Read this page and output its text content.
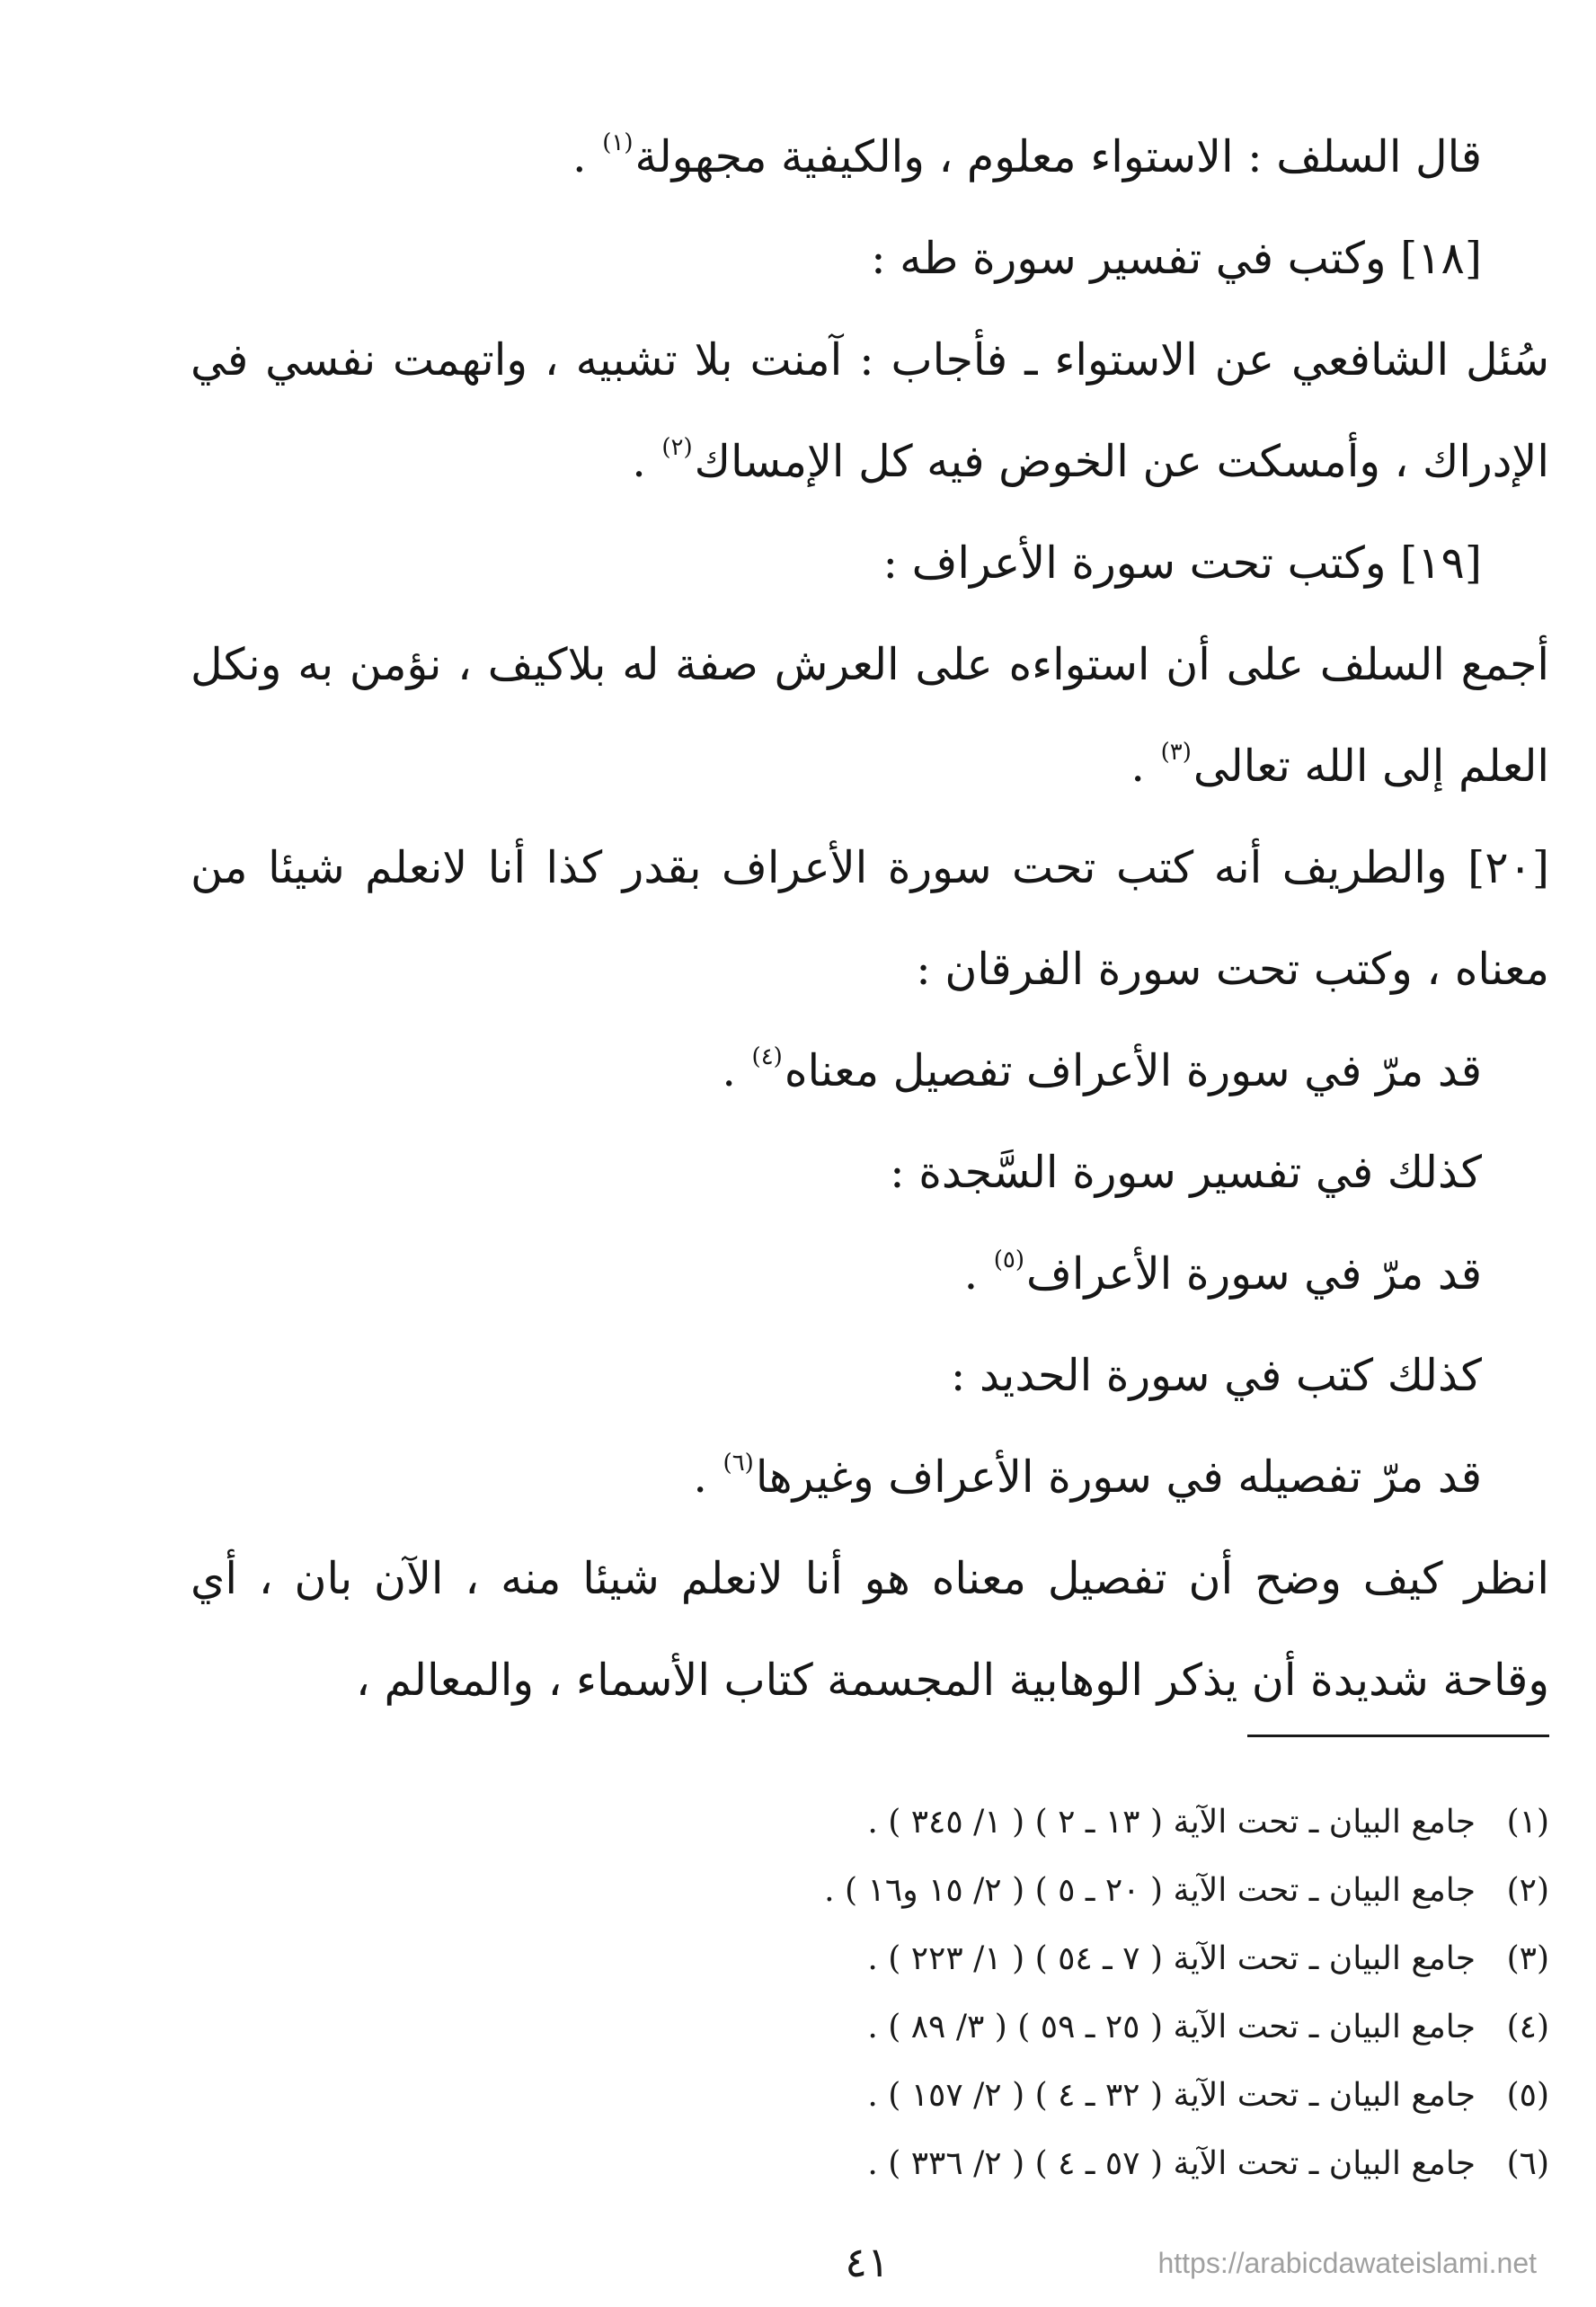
قال السلف : الاستواء معلوم ، والكيفية مجهولة$^{(١)}$ .

[١٨] وكتب في تفسير سورة طه :

سُئل الشافعي عن الاستواء ـ فأجاب : آمنت بلا تشبيه ، واتهمت نفسي في الإدراك ، وأمسكت عن الخوض فيه كل الإمساك$^{(٢)}$ .

[١٩] وكتب تحت سورة الأعراف :

أجمع السلف على أن استواءه على العرش صفة له بلاكيف ، نؤمن به ونكل العلم إلى الله تعالى$^{(٣)}$ .

[٢٠] والطريف أنه كتب تحت سورة الأعراف بقدر كذا أنا لانعلم شيئا من معناه ، وكتب تحت سورة الفرقان :

قد مرّ في سورة الأعراف تفصيل معناه$^{(٤)}$ .

كذلك في تفسير سورة السَّجدة :

قد مرّ في سورة الأعراف$^{(٥)}$ .

كذلك كتب في سورة الحديد :

قد مرّ تفصيله في سورة الأعراف وغيرها$^{(٦)}$ .

انظر كيف وضح أن تفصيل معناه هو أنا لانعلم شيئا منه ، الآن بان ، أي وقاحة شديدة أن يذكر الوهابية المجسمة كتاب الأسماء ، والمعالم ،

(١)جامع البيان ـ تحت الآية ( ١٣ ـ ٢ ) ( ١/ ٣٤٥ ) .
(٢)جامع البيان ـ تحت الآية ( ٢٠ ـ ٥ ) ( ٢/ ١٥ و١٦ ) .
(٣)جامع البيان ـ تحت الآية ( ٧ ـ ٥٤ ) ( ١/ ٢٢٣ ) .
(٤)جامع البيان ـ تحت الآية ( ٢٥ ـ ٥٩ ) ( ٣/ ٨٩ ) .
(٥)جامع البيان ـ تحت الآية ( ٣٢ ـ ٤ ) ( ٢/ ١٥٧ ) .
(٦)جامع البيان ـ تحت الآية ( ٥٧ ـ ٤ ) ( ٢/ ٣٣٦ ) .
٤١	https://arabicdawateislami.net
